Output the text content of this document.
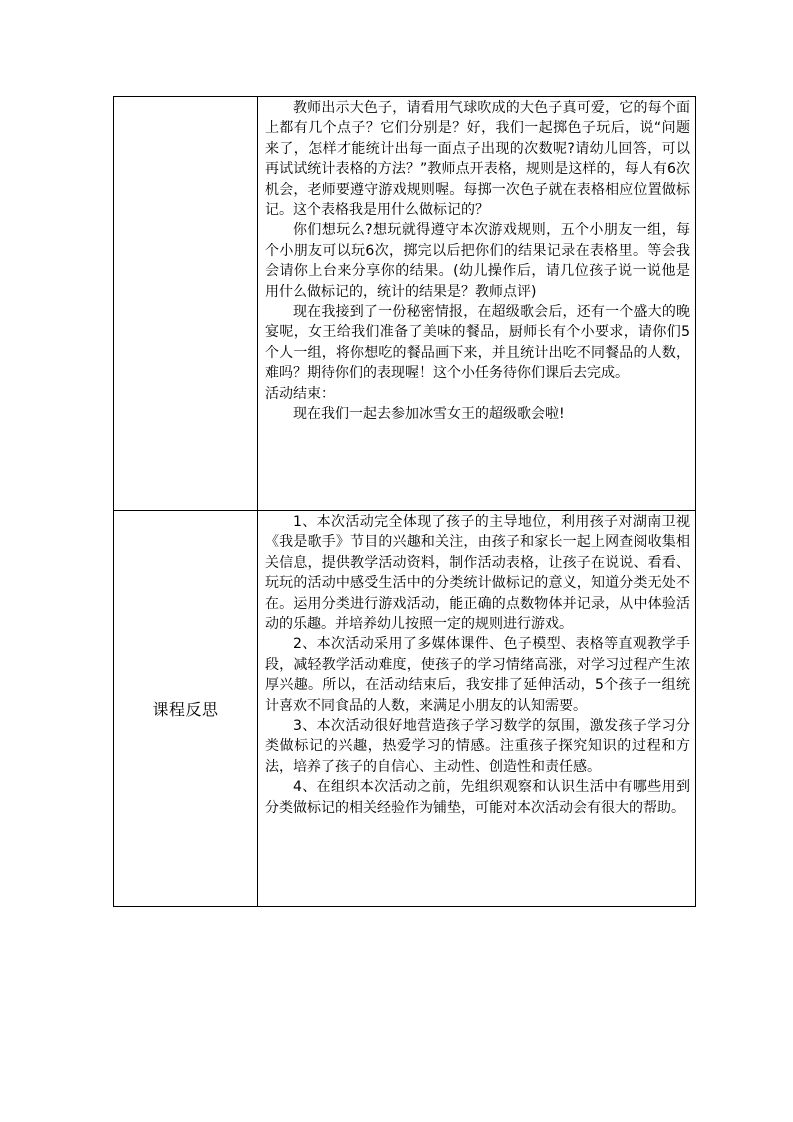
	教师出示大色子，请看用气球吹成的大色子真可爱，它的每个面上都有几个点子？它们分别是？好，我们一起掷色子玩后，说“问题来了，怎样才能统计出每一面点子出现的次数呢?请幼儿回答，可以再试试统计表格的方法？”教师点开表格，规则是这样的，每人有6次机会，老师要遵守游戏规则喔。每掷一次色子就在表格相应位置做标记。这个表格我是用什么做标记的？

你们想玩么?想玩就得遵守本次游戏规则，五个小朋友一组，每个小朋友可以玩6次，掷完以后把你们的结果记录在表格里。等会我会请你上台来分享你的结果。(幼儿操作后，请几位孩子说一说他是用什么做标记的，统计的结果是？教师点评)

现在我接到了一份秘密情报，在超级歌会后，还有一个盛大的晚宴呢，女王给我们准备了美味的餐品，厨师长有个小要求，请你们5个人一组，将你想吃的餐品画下来，并且统计出吃不同餐品的人数，难吗？期待你们的表现喔！这个小任务待你们课后去完成。

活动结束：

现在我们一起去参加冰雪女王的超级歌会啦!

课程反思	1、本次活动完全体现了孩子的主导地位，利用孩子对湖南卫视《我是歌手》节目的兴趣和关注，由孩子和家长一起上网查阅收集相关信息，提供教学活动资料，制作活动表格，让孩子在说说、看看、玩玩的活动中感受生活中的分类统计做标记的意义，知道分类无处不在。运用分类进行游戏活动，能正确的点数物体并记录，从中体验活动的乐趣。并培养幼儿按照一定的规则进行游戏。

2、本次活动采用了多媒体课件、色子模型、表格等直观教学手段，减轻教学活动难度，使孩子的学习情绪高涨，对学习过程产生浓厚兴趣。所以，在活动结束后，我安排了延伸活动，5个孩子一组统计喜欢不同食品的人数，来满足小朋友的认知需要。

3、本次活动很好地营造孩子学习数学的氛围，激发孩子学习分类做标记的兴趣，热爱学习的情感。注重孩子探究知识的过程和方法，培养了孩子的自信心、主动性、创造性和责任感。

4、在组织本次活动之前，先组织观察和认识生活中有哪些用到分类做标记的相关经验作为铺垫，可能对本次活动会有很大的帮助。
